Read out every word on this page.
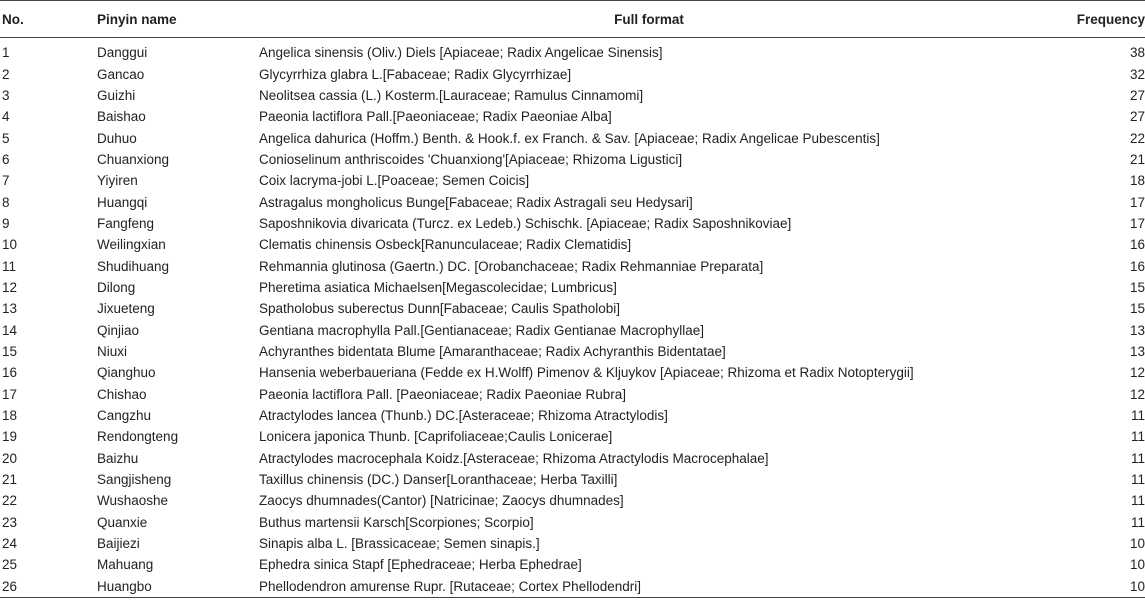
No.	Pinyin name	Full format	Frequency
1	Danggui	Angelica sinensis (Oliv.) Diels [Apiaceae; Radix Angelicae Sinensis]	38
2	Gancao	Glycyrrhiza glabra L.[Fabaceae; Radix Glycyrrhizae]	32
3	Guizhi	Neolitsea cassia (L.) Kosterm.[Lauraceae; Ramulus Cinnamomi]	27
4	Baishao	Paeonia lactiflora Pall.[Paeoniaceae; Radix Paeoniae Alba]	27
5	Duhuo	Angelica dahurica (Hoffm.) Benth. & Hook.f. ex Franch. & Sav. [Apiaceae; Radix Angelicae Pubescentis]	22
6	Chuanxiong	Conioselinum anthriscoides 'Chuanxiong'[Apiaceae; Rhizoma Ligustici]	21
7	Yiyiren	Coix lacryma-jobi L.[Poaceae; Semen Coicis]	18
8	Huangqi	Astragalus mongholicus Bunge[Fabaceae; Radix Astragali seu Hedysari]	17
9	Fangfeng	Saposhnikovia divaricata (Turcz. ex Ledeb.) Schischk. [Apiaceae; Radix Saposhnikoviae]	17
10	Weilingxian	Clematis chinensis Osbeck[Ranunculaceae; Radix Clematidis]	16
11	Shudihuang	Rehmannia glutinosa (Gaertn.) DC. [Orobanchaceae; Radix Rehmanniae Preparata]	16
12	Dilong	Pheretima asiatica Michaelsen[Megascolecidae; Lumbricus]	15
13	Jixueteng	Spatholobus suberectus Dunn[Fabaceae; Caulis Spatholobi]	15
14	Qinjiao	Gentiana macrophylla Pall.[Gentianaceae; Radix Gentianae Macrophyllae]	13
15	Niuxi	Achyranthes bidentata Blume [Amaranthaceae; Radix Achyranthis Bidentatae]	13
16	Qianghuo	Hansenia weberbaueriana (Fedde ex H.Wolff) Pimenov & Kljuykov [Apiaceae; Rhizoma et Radix Notopterygii]	12
17	Chishao	Paeonia lactiflora Pall. [Paeoniaceae; Radix Paeoniae Rubra]	12
18	Cangzhu	Atractylodes lancea (Thunb.) DC.[Asteraceae; Rhizoma Atractylodis]	11
19	Rendongteng	Lonicera japonica Thunb. [Caprifoliaceae;Caulis Lonicerae]	11
20	Baizhu	Atractylodes macrocephala Koidz.[Asteraceae; Rhizoma Atractylodis Macrocephalae]	11
21	Sangjisheng	Taxillus chinensis (DC.) Danser[Loranthaceae; Herba Taxilli]	11
22	Wushaoshe	Zaocys dhumnades(Cantor) [Natricinae; Zaocys dhumnades]	11
23	Quanxie	Buthus martensii Karsch[Scorpiones; Scorpio]	11
24	Baijiezi	Sinapis alba L. [Brassicaceae; Semen sinapis.]	10
25	Mahuang	Ephedra sinica Stapf [Ephedraceae; Herba Ephedrae]	10
26	Huangbo	Phellodendron amurense Rupr. [Rutaceae; Cortex Phellodendri]	10
